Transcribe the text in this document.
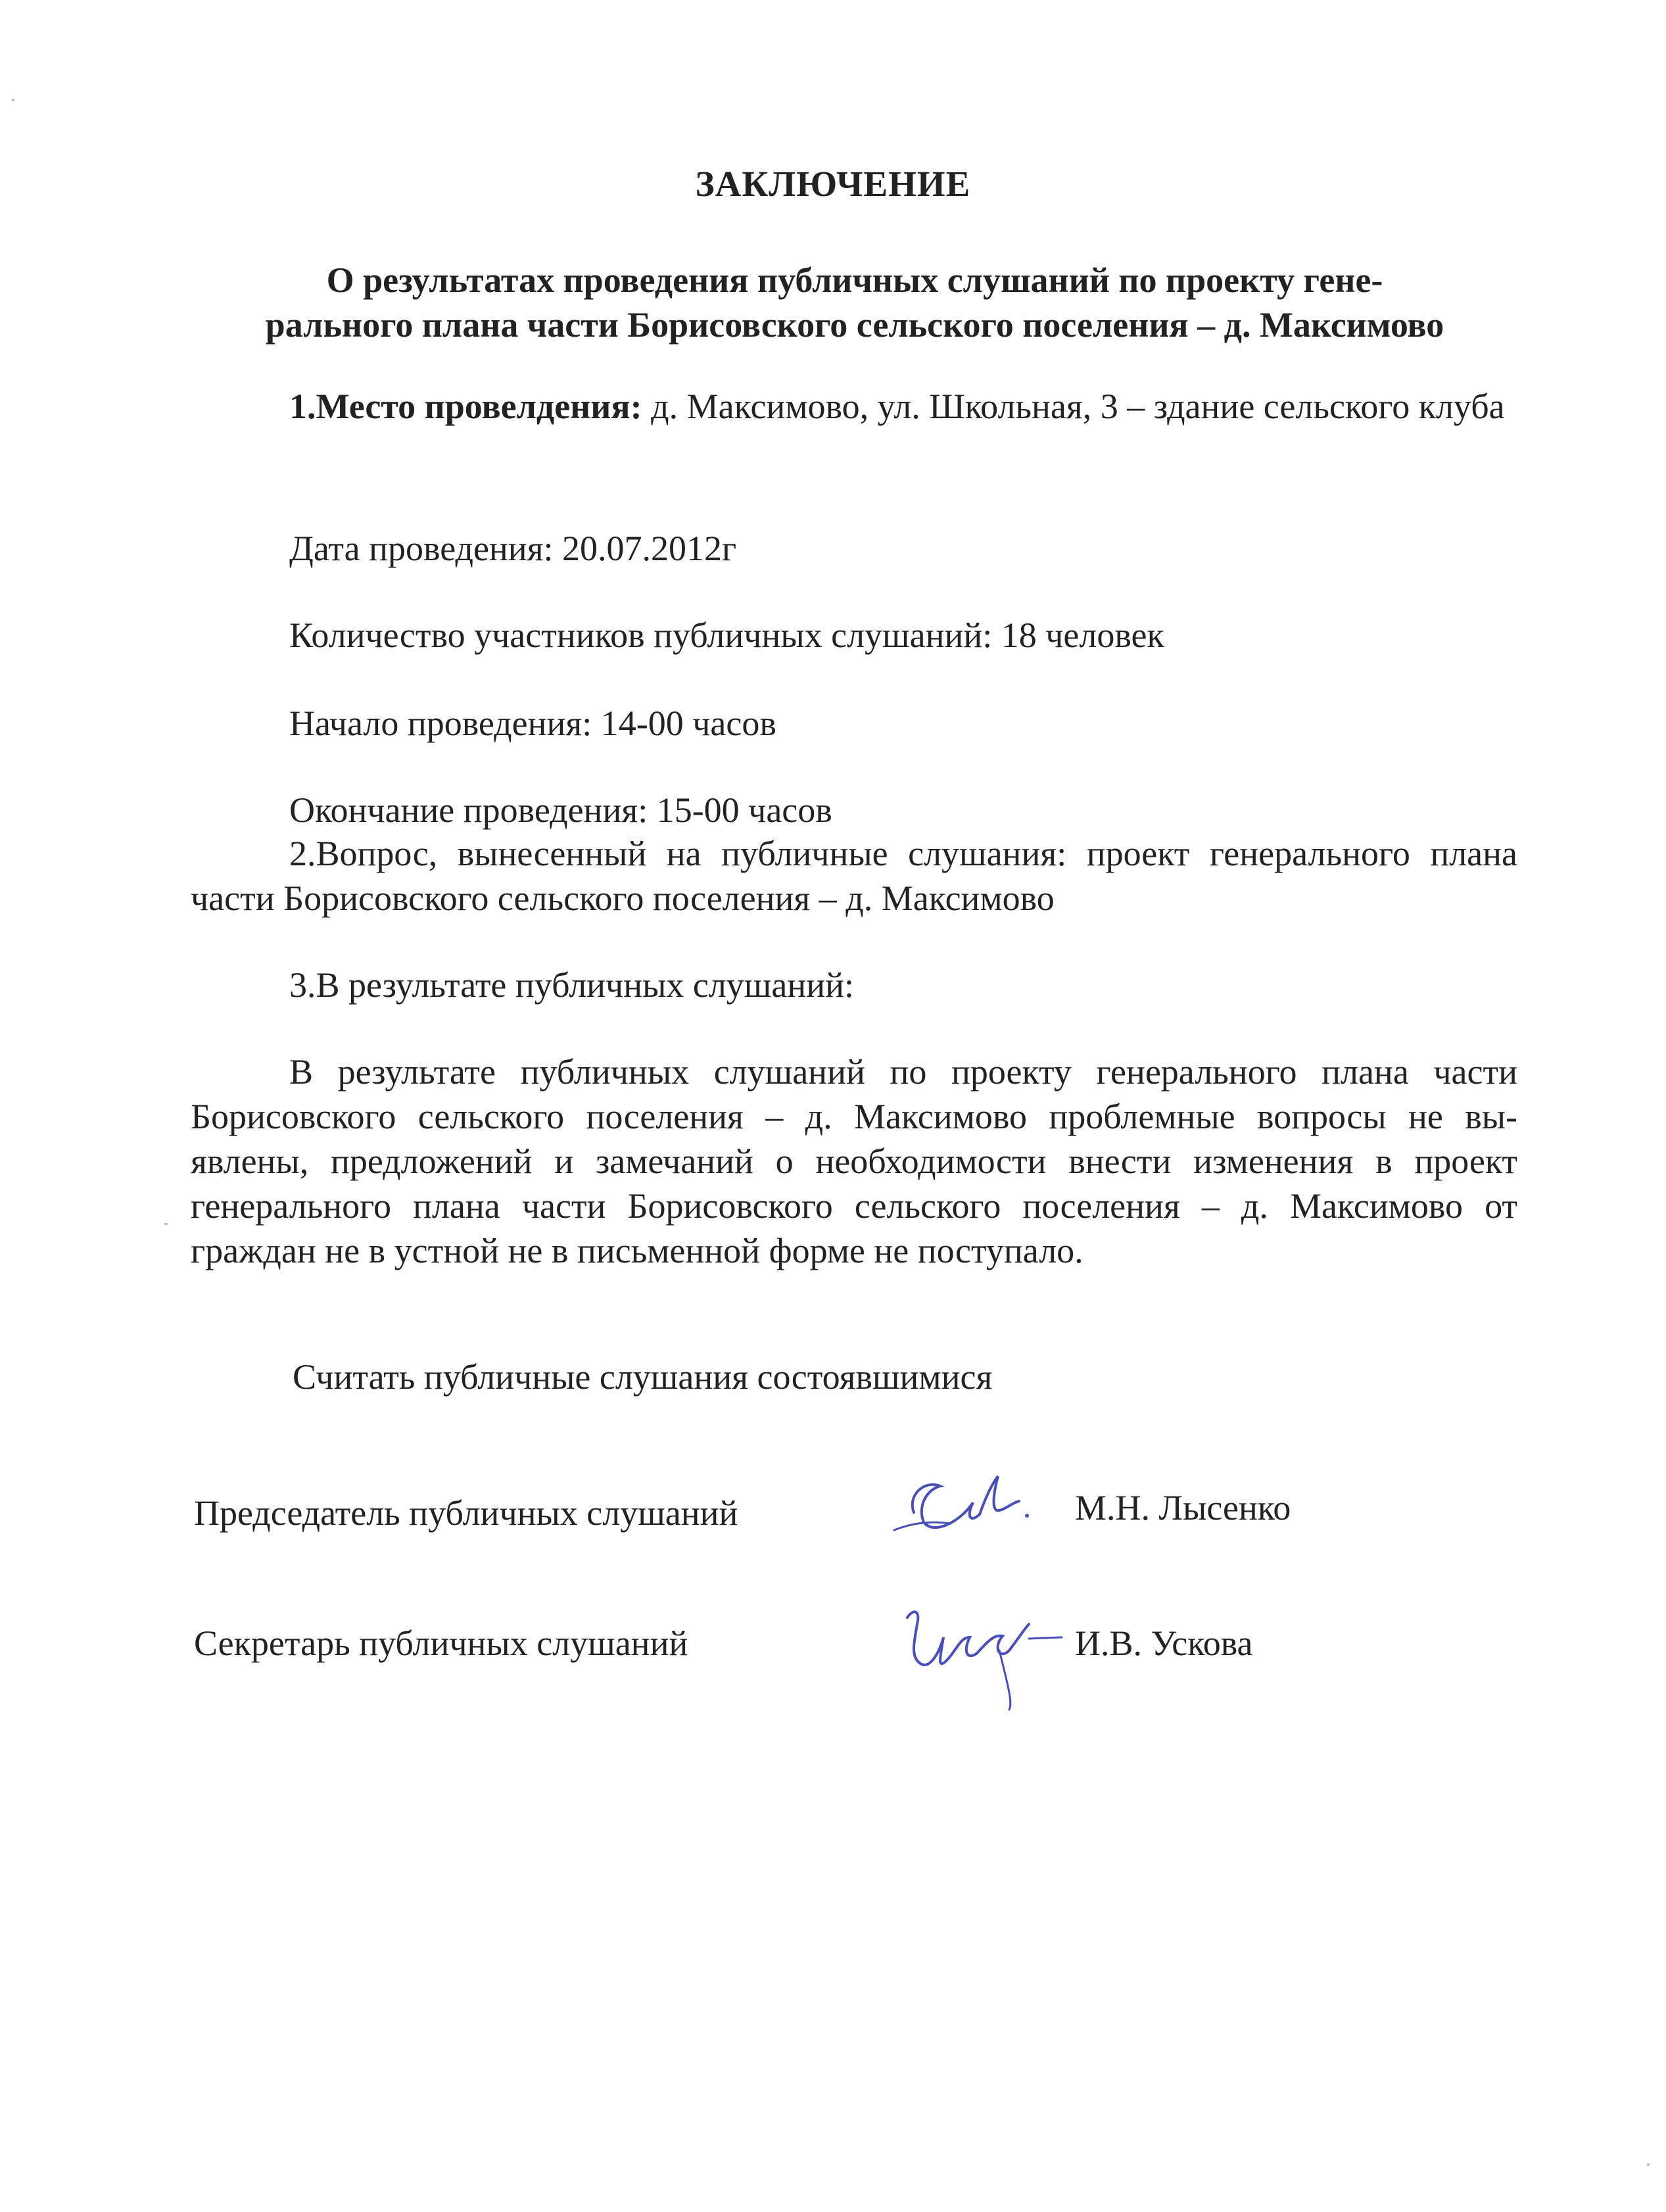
ЗАКЛЮЧЕНИЕ
О результатах проведения публичных слушаний по проекту гене-
рального плана части Борисовского сельского поселения – д. Максимово
1.Место провелдения: д. Максимово, ул. Школьная, 3 – здание сельского клуба
Дата проведения: 20.07.2012г
Количество участников публичных слушаний: 18 человек
Начало проведения: 14-00 часов
Окончание проведения: 15-00 часов
2.Вопрос, вынесенный на публичные слушания: проект генерального плана части Борисовского сельского поселения – д. Максимово
3.В результате публичных слушаний:
В результате публичных слушаний по проекту генерального плана части Борисовского сельского поселения – д. Максимово проблемные вопросы не вы-явлены, предложений и замечаний о необходимости внести изменения в проект генерального плана части Борисовского сельского поселения – д. Максимово от граждан не в устной не в письменной форме не поступало.
Считать публичные слушания состоявшимися
Председатель публичных слушаний	М.Н. Лысенко
Секретарь публичных слушаний	И.В. Ускова
